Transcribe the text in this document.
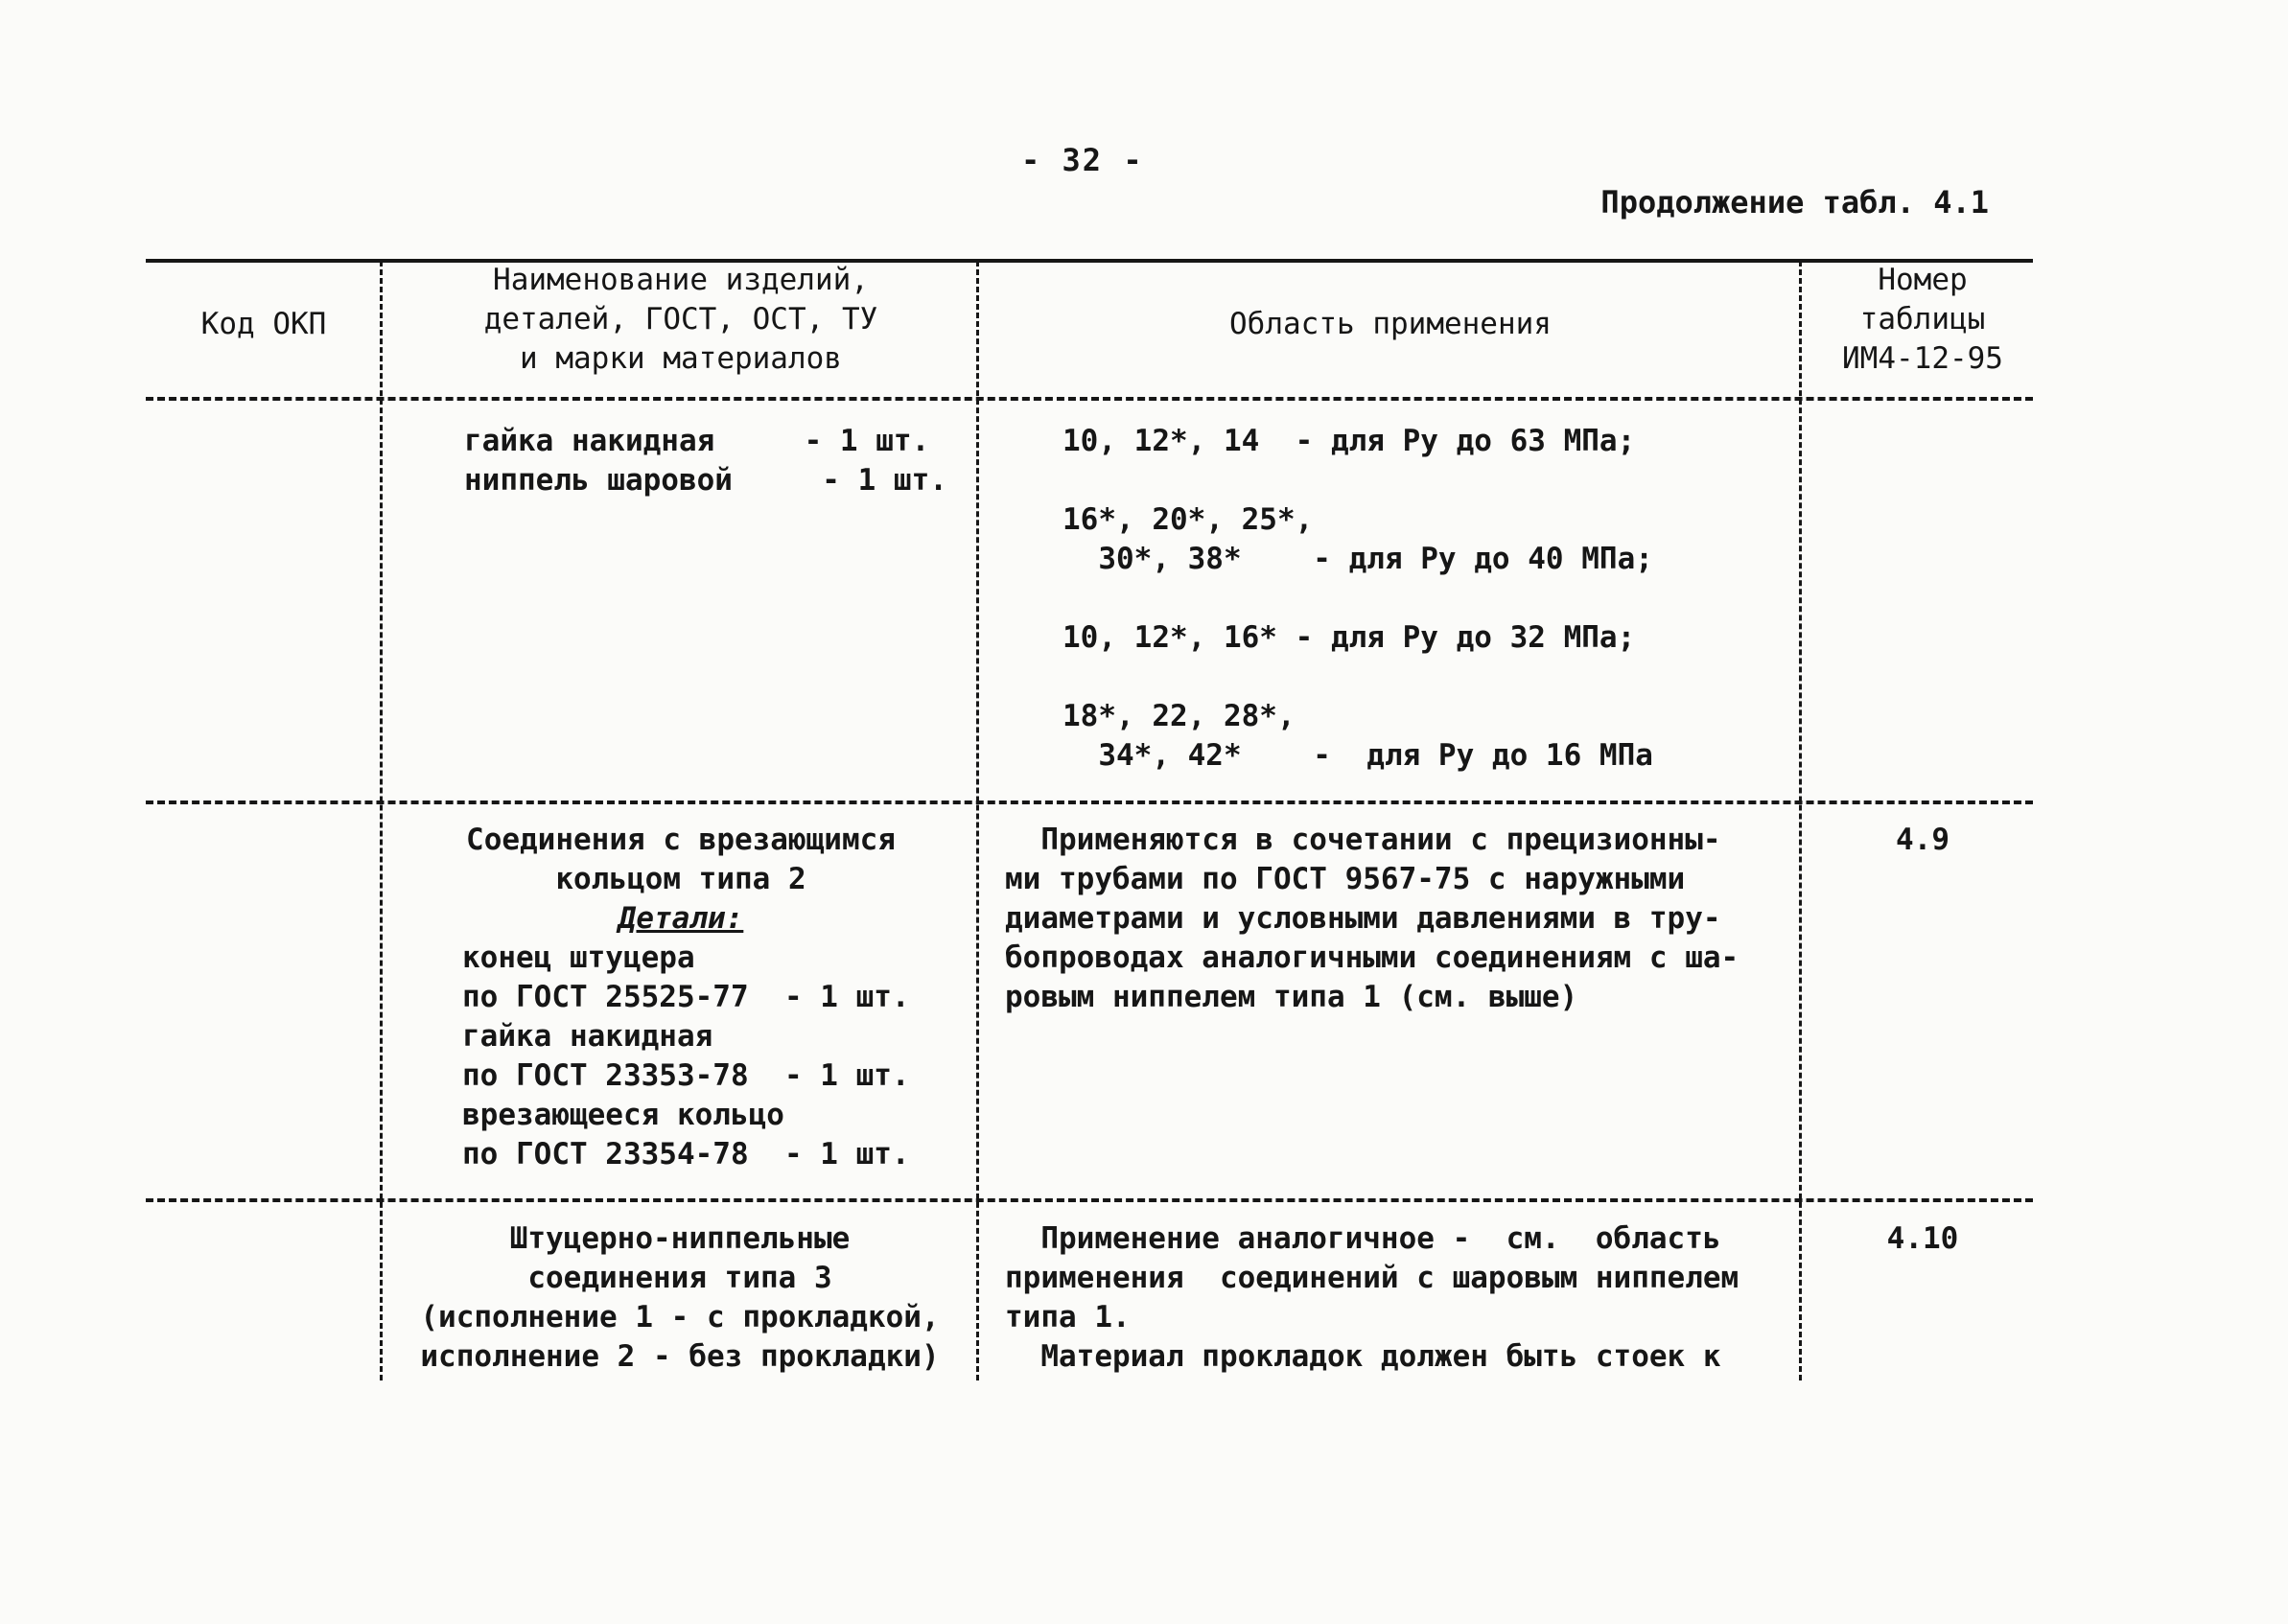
- 32 -
Продолжение табл. 4.1
Код ОКП
Наименование изделий,
деталей, ГОСТ, ОСТ, ТУ
и марки материалов
Область применения
Номер
таблицы
ИМ4-12-95
гайка накидная     - 1 шт.
ниппель шаровой     - 1 шт.
10, 12*, 14  - для Ру до 63 МПа;
16*, 20*, 25*,
30*, 38*    - для Ру до 40 МПа;
10, 12*, 16* - для Ру до 32 МПа;
18*, 22, 28*,
34*, 42*    -  для Ру до 16 МПа
Соединения с врезающимся
кольцом типа 2
Детали:
конец штуцера
по ГОСТ 25525-77  - 1 шт.
гайка накидная
по ГОСТ 23353-78  - 1 шт.
врезающееся кольцо
по ГОСТ 23354-78  - 1 шт.
Применяются в сочетании с прецизионны-
ми трубами по ГОСТ 9567-75 с наружными
диаметрами и условными давлениями в тру-
бопроводах аналогичными соединениям с ша-
ровым ниппелем типа 1 (см. выше)
4.9
Штуцерно-ниппельные
соединения типа 3
(исполнение 1 - с прокладкой,
исполнение 2 - без прокладки)
Применение аналогичное -  см.  область
применения  соединений с шаровым ниппелем
типа 1.
Материал прокладок должен быть стоек к
4.10
